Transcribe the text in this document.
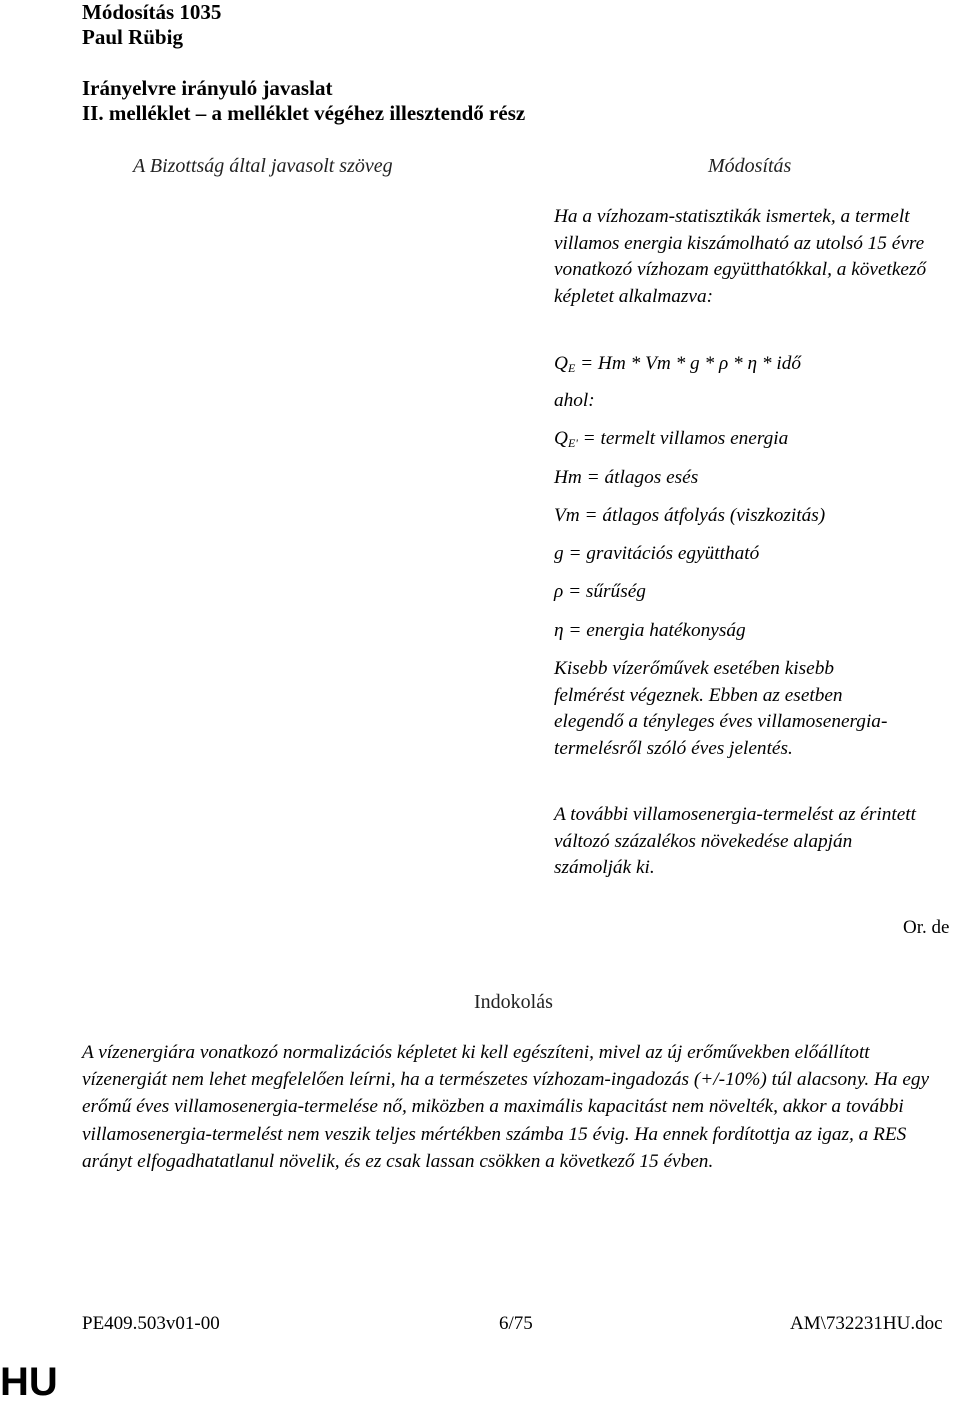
Módosítás 1035
Paul Rübig
Irányelvre irányuló javaslat
II. melléklet – a melléklet végéhez illesztendő rész
A Bizottság által javasolt szöveg	Módosítás

Ha a vízhozam-statisztikák ismertek, a termelt villamos energia kiszámolható az utolsó 15 évre vonatkozó vízhozam együtthatókkal, a következő képletet alkalmazva:

$Q_E = Hm * Vm * g * \rho * \eta$ * idő
ahol:
$Q_{E'}$ = termelt villamos energia
Hm = átlagos esés
Vm = átlagos átfolyás (viszkozitás)
g = gravitációs együttható
ρ = sűrűség
η = energia hatékonyság
Kisebb vízerőművek esetében kisebb felmérést végeznek. Ebben az esetben elegendő a tényleges éves villamosenergia-termelésről szóló éves jelentés.
A további villamosenergia-termelést az érintett változó százalékos növekedése alapján számolják ki.
Or. de
Indokolás
A vízenergiára vonatkozó normalizációs képletet ki kell egészíteni, mivel az új erőművekben előállított vízenergiát nem lehet megfelelően leírni, ha a természetes vízhozam-ingadozás (+/-10%) túl alacsony. Ha egy erőmű éves villamosenergia-termelése nő, miközben a maximális kapacitást nem növelték, akkor a további villamosenergia-termelést nem veszik teljes mértékben számba 15 évig. Ha ennek fordítottja az igaz, a RES arányt elfogadhatatlanul növelik, és ez csak lassan csökken a következő 15 évben.
PE409.503v01-00	6/75	AM\732231HU.doc
HU
